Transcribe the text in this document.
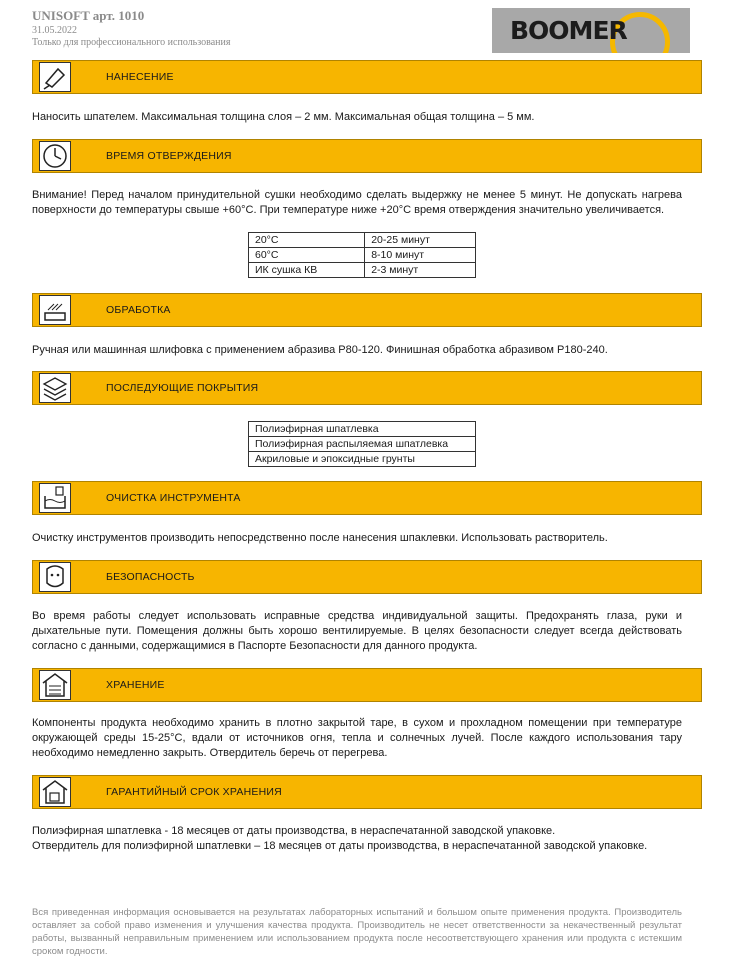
UNISOFT арт. 1010
31.05.2022
Только для профессионального использования	BOOMER
НАНЕСЕНИЕ
Наносить шпателем. Максимальная толщина слоя – 2 мм. Максимальная общая толщина – 5 мм.
ВРЕМЯ ОТВЕРЖДЕНИЯ
Внимание! Перед началом принудительной сушки необходимо сделать выдержку не менее 5 минут. Не допускать нагрева поверхности до температуры свыше +60°С. При температуре ниже +20°С время отверждения значительно увеличивается.
20°С	20-25 минут
60°С	8-10 минут
ИК сушка КВ	2-3 минут
ОБРАБОТКА
Ручная или машинная шлифовка с применением абразива P80-120. Финишная обработка абразивом P180-240.
ПОСЛЕДУЮЩИЕ ПОКРЫТИЯ
Полиэфирная шпатлевка
Полиэфирная распыляемая шпатлевка
Акриловые и эпоксидные грунты
ОЧИСТКА ИНСТРУМЕНТА
Очистку инструментов производить непосредственно после нанесения шпаклевки. Использовать растворитель.
БЕЗОПАСНОСТЬ
Во время работы следует использовать исправные средства индивидуальной защиты. Предохранять глаза, руки и дыхательные пути. Помещения должны быть хорошо вентилируемые. В целях безопасности следует всегда действовать согласно с данными, содержащимися в Паспорте Безопасности для данного продукта.
ХРАНЕНИЕ
Компоненты продукта необходимо хранить в плотно закрытой таре, в сухом и прохладном помещении при температуре окружающей среды 15-25°С, вдали от источников огня, тепла и солнечных лучей. После каждого использования тару необходимо немедленно закрыть. Отвердитель беречь от перегрева.
ГАРАНТИЙНЫЙ СРОК ХРАНЕНИЯ
Полиэфирная шпатлевка - 18 месяцев от даты производства, в нераспечатанной заводской упаковке.
Отвердитель для полиэфирной шпатлевки – 18 месяцев от даты производства, в нераспечатанной заводской упаковке.
Вся приведенная информация основывается на результатах лабораторных испытаний и большом опыте применения продукта. Производитель оставляет за собой право изменения и улучшения качества продукта. Производитель не несет ответственности за некачественный результат работы, вызванный неправильным применением или использованием продукта после несоответствующего хранения или продукта с истекшим сроком годности.
